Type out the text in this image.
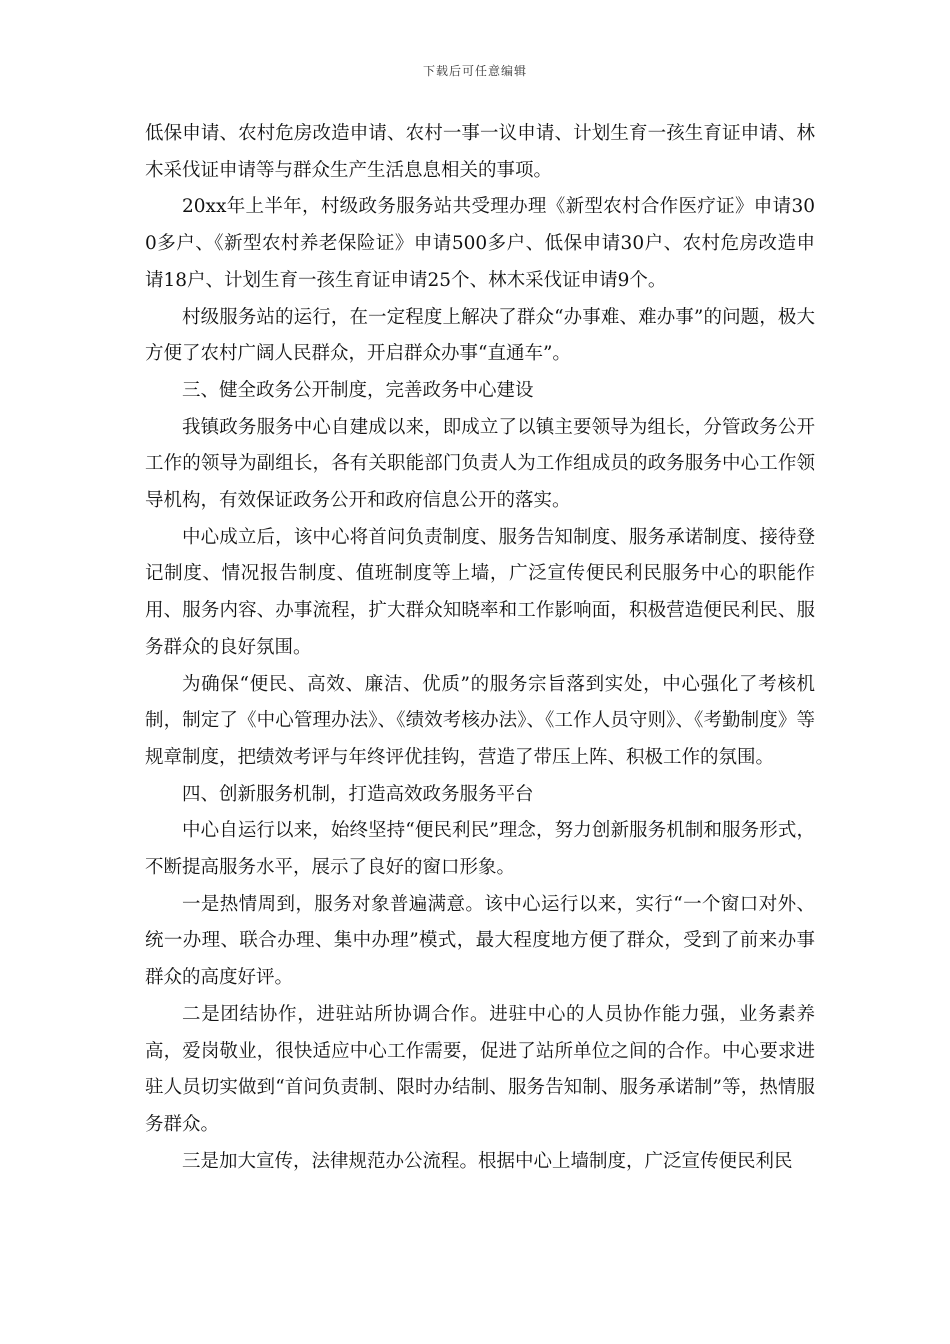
下载后可任意编辑

低保申请、农村危房改造申请、农村一事一议申请、计划生育一孩生育证申请、林木采伐证申请等与群众生产生活息息相关的事项。

20xx年上半年，村级政务服务站共受理办理《新型农村合作医疗证》申请300多户、《新型农村养老保险证》申请500多户、低保申请30户、农村危房改造申请18户、计划生育一孩生育证申请25个、林木采伐证申请9个。

村级服务站的运行，在一定程度上解决了群众“办事难、难办事”的问题，极大方便了农村广阔人民群众，开启群众办事“直通车”。

三、健全政务公开制度，完善政务中心建设

我镇政务服务中心自建成以来，即成立了以镇主要领导为组长，分管政务公开工作的领导为副组长，各有关职能部门负责人为工作组成员的政务服务中心工作领导机构，有效保证政务公开和政府信息公开的落实。

中心成立后，该中心将首问负责制度、服务告知制度、服务承诺制度、接待登记制度、情况报告制度、值班制度等上墙，广泛宣传便民利民服务中心的职能作用、服务内容、办事流程，扩大群众知晓率和工作影响面，积极营造便民利民、服务群众的良好氛围。

为确保“便民、高效、廉洁、优质”的服务宗旨落到实处，中心强化了考核机制，制定了《中心管理办法》、《绩效考核办法》、《工作人员守则》、《考勤制度》等规章制度，把绩效考评与年终评优挂钩，营造了带压上阵、积极工作的氛围。

四、创新服务机制，打造高效政务服务平台

中心自运行以来，始终坚持“便民利民”理念，努力创新服务机制和服务形式，不断提高服务水平，展示了良好的窗口形象。

一是热情周到，服务对象普遍满意。该中心运行以来，实行“一个窗口对外、统一办理、联合办理、集中办理”模式，最大程度地方便了群众，受到了前来办事群众的高度好评。

二是团结协作，进驻站所协调合作。进驻中心的人员协作能力强，业务素养高，爱岗敬业，很快适应中心工作需要，促进了站所单位之间的合作。中心要求进驻人员切实做到“首问负责制、限时办结制、服务告知制、服务承诺制”等，热情服务群众。

三是加大宣传，法律规范办公流程。根据中心上墙制度，广泛宣传便民利民
